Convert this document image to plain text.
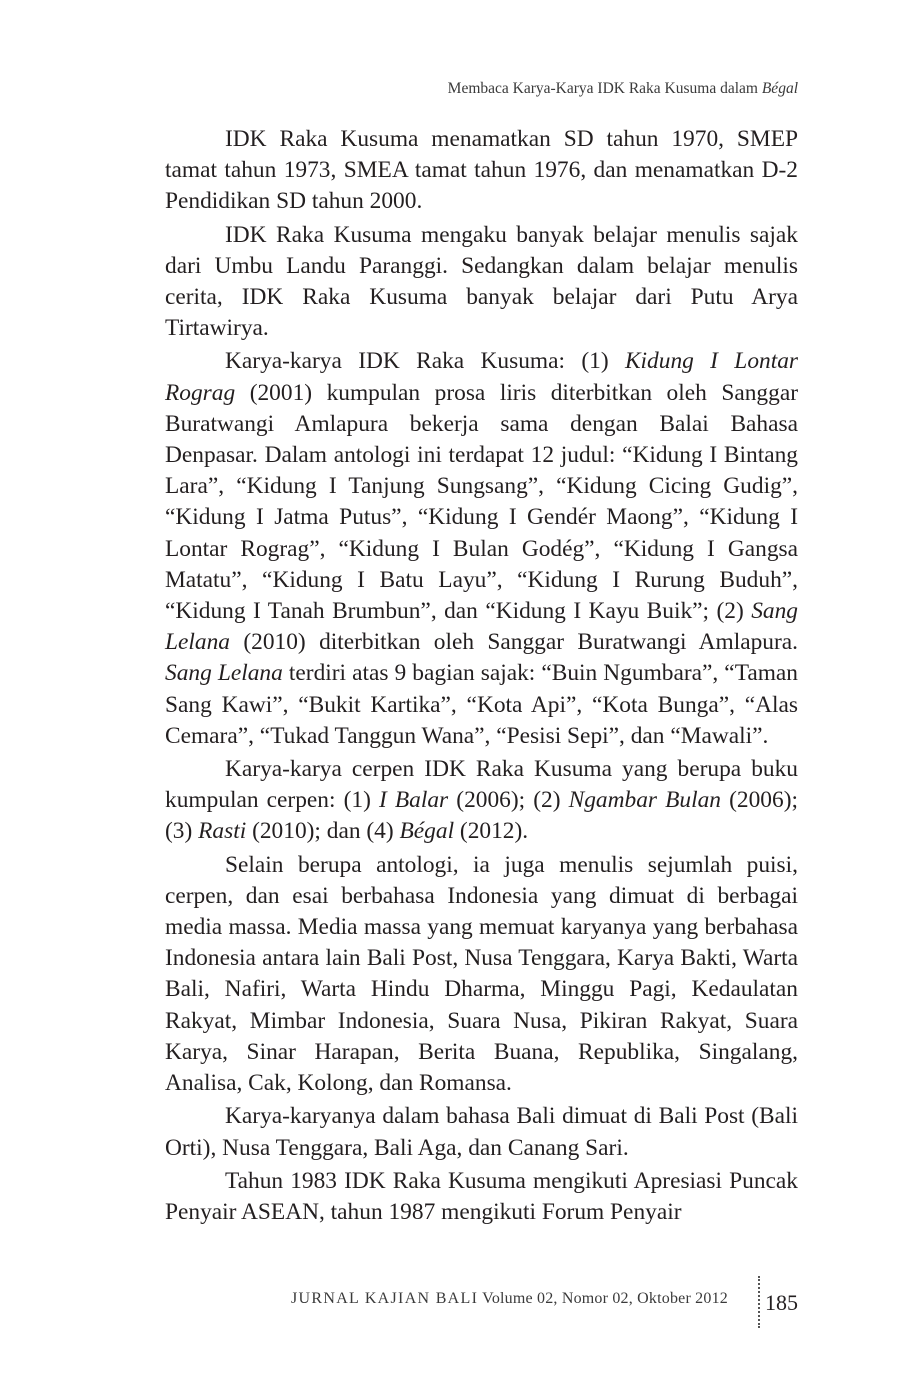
Membaca Karya-Karya IDK Raka Kusuma dalam Bégal

IDK Raka Kusuma menamatkan SD tahun 1970, SMEP tamat tahun 1973, SMEA tamat tahun 1976, dan menamatkan D-2 Pendidikan SD tahun 2000.

IDK Raka Kusuma mengaku banyak belajar menulis sajak dari Umbu Landu Paranggi. Sedangkan dalam belajar menulis cerita, IDK Raka Kusuma banyak belajar dari Putu Arya Tirtawirya.

Karya-karya IDK Raka Kusuma: (1) Kidung I Lontar Rograg (2001) kumpulan prosa liris diterbitkan oleh Sanggar Buratwangi Amlapura bekerja sama dengan Balai Bahasa Denpasar. Dalam antologi ini terdapat 12 judul: “Kidung I Bintang Lara”, “Kidung I Tanjung Sungsang”, “Kidung Cicing Gudig”, “Kidung I Jatma Putus”, “Kidung I Gendér Maong”, “Kidung I Lontar Rograg”, “Kidung I Bulan Godég”, “Kidung I Gangsa Matatu”, “Kidung I Batu Layu”, “Kidung I Rurung Buduh”, “Kidung I Tanah Brumbun”, dan “Kidung I Kayu Buik”; (2) Sang Lelana (2010) diterbitkan oleh Sanggar Buratwangi Amlapura. Sang Lelana terdiri atas 9 bagian sajak: “Buin Ngumbara”, “Taman Sang Kawi”, “Bukit Kartika”, “Kota Api”, “Kota Bunga”, “Alas Cemara”, “Tukad Tanggun Wana”, “Pesisi Sepi”, dan “Mawali”.

Karya-karya cerpen IDK Raka Kusuma yang berupa buku kumpulan cerpen: (1) I Balar (2006); (2) Ngambar Bulan (2006); (3) Rasti (2010); dan (4) Bégal (2012).

Selain berupa antologi, ia juga menulis sejumlah puisi, cerpen, dan esai berbahasa Indonesia yang dimuat di berbagai media massa. Media massa yang memuat karyanya yang berbahasa Indonesia antara lain Bali Post, Nusa Tenggara, Karya Bakti, Warta Bali, Nafiri, Warta Hindu Dharma, Minggu Pagi, Kedaulatan Rakyat, Mimbar Indonesia, Suara Nusa, Pikiran Rakyat, Suara Karya, Sinar Harapan, Berita Buana, Republika, Singalang, Analisa, Cak, Kolong, dan Romansa.

Karya-karyanya dalam bahasa Bali dimuat di Bali Post (Bali Orti), Nusa Tenggara, Bali Aga, dan Canang Sari.

Tahun 1983 IDK Raka Kusuma mengikuti Apresiasi Puncak Penyair ASEAN, tahun 1987 mengikuti Forum Penyair

JURNAL KAJIAN BALI Volume 02, Nomor 02, Oktober 2012 185
